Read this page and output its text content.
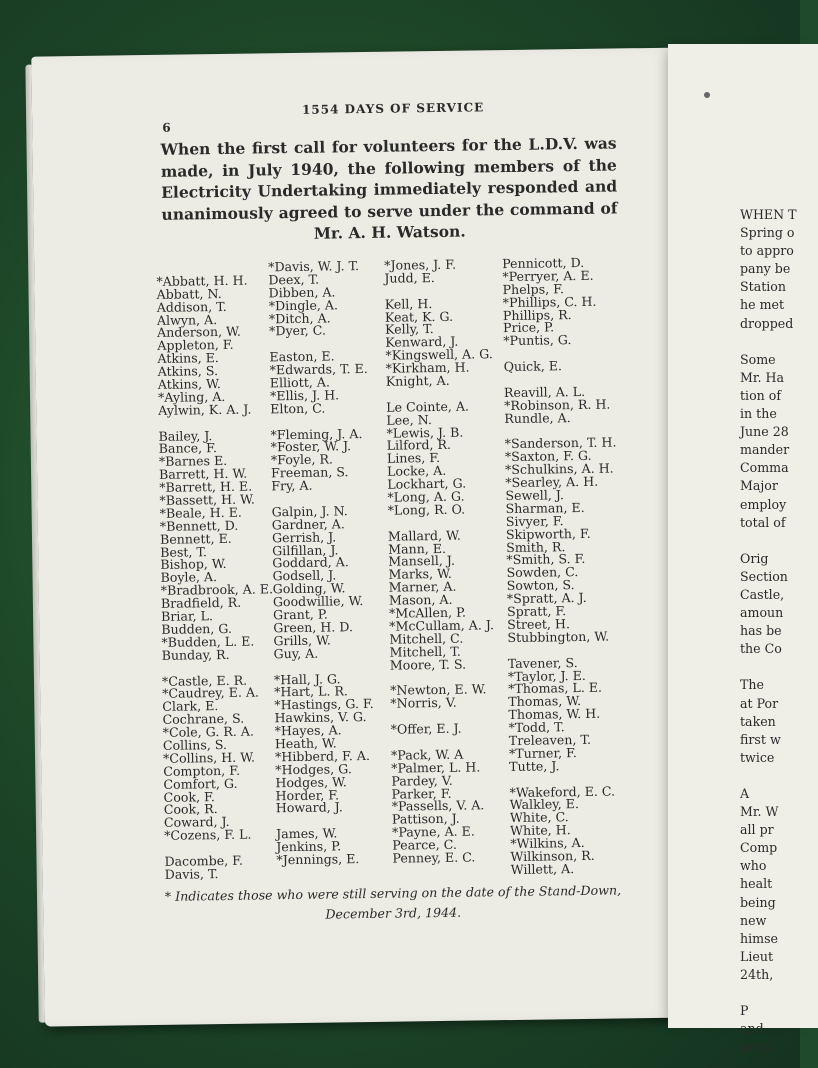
1554 DAYS OF SERVICE
6
When the first call for volunteers for the L.D.V. was made, in July 1940, the following members of the Electricity Undertaking immediately responded and unanimously agreed to serve under the command of Mr. A. H. Watson.
*Abbatt, H. H.
Abbatt, N.
Addison, T.
Alwyn, A.
Anderson, W.
Appleton, F.
Atkins, E.
Atkins, S.
Atkins, W.
*Ayling, A.
Aylwin, K. A. J.
Bailey, J.
Bance, F.
*Barnes E.
Barrett, H. W.
*Barrett, H. E.
*Bassett, H. W.
*Beale, H. E.
*Bennett, D.
Bennett, E.
Best, T.
Bishop, W.
Boyle, A.
*Bradbrook, A. E.
Bradfield, R.
Briar, L.
Budden, G.
*Budden, L. E.
Bunday, R.
*Castle, E. R.
*Caudrey, E. A.
Clark, E.
Cochrane, S.
*Cole, G. R. A.
Collins, S.
*Collins, H. W.
Compton, F.
Comfort, G.
Cook, F.
Cook, R.
Coward, J.
*Cozens, F. L.
Dacombe, F.
Davis, T.
*Davis, W. J. T.
Deex, T.
Dibben, A.
*Dingle, A.
*Ditch, A.
*Dyer, C.
Easton, E.
*Edwards, T. E.
Elliott, A.
*Ellis, J. H.
Elton, C.
*Fleming, J. A.
*Foster, W. J.
*Foyle, R.
Freeman, S.
Fry, A.
Galpin, J. N.
Gardner, A.
Gerrish, J.
Gilfillan, J.
Goddard, A.
Godsell, J.
Golding, W.
Goodwillie, W.
Grant, P.
Green, H. D.
Grills, W.
Guy, A.
*Hall, J. G.
*Hart, L. R.
*Hastings, G. F.
Hawkins, V. G.
*Hayes, A.
Heath, W.
*Hibberd, F. A.
*Hodges, G.
Hodges, W.
Horder, F.
Howard, J.
James, W.
Jenkins, P.
*Jennings, E.
*Jones, J. F.
Judd, E.
Kell, H.
Keat, K. G.
Kelly, T.
Kenward, J.
*Kingswell, A. G.
*Kirkham, H.
Knight, A.
Le Cointe, A.
Lee, N.
*Lewis, J. B.
Lilford, R.
Lines, F.
Locke, A.
Lockhart, G.
*Long, A. G.
*Long, R. O.
Mallard, W.
Mann, E.
Mansell, J.
Marks, W.
Marner, A.
Mason, A.
*McAllen, P.
*McCullam, A. J.
Mitchell, C.
Mitchell, T.
Moore, T. S.
*Newton, E. W.
*Norris, V.
*Offer, E. J.
*Pack, W. A
*Palmer, L. H.
Pardey, V.
Parker, F.
*Passells, V. A.
Pattison, J.
*Payne, A. E.
Pearce, C.
Penney, E. C.
Pennicott, D.
*Perryer, A. E.
Phelps, F.
*Phillips, C. H.
Phillips, R.
Price, P.
*Puntis, G.
Quick, E.
Reavill, A. L.
*Robinson, R. H.
Rundle, A.
*Sanderson, T. H.
*Saxton, F. G.
*Schulkins, A. H.
*Searley, A. H.
Sewell, J.
Sharman, E.
Sivyer, F.
Skipworth, F.
Smith, R.
*Smith, S. F.
Sowden, C.
Sowton, S.
*Spratt, A. J.
Spratt, F.
Street, H.
Stubbington, W.
Tavener, S.
*Taylor, J. E.
*Thomas, L. E.
Thomas, W.
Thomas, W. H.
*Todd, T.
Treleaven, T.
*Turner, F.
Tutte, J.
*Wakeford, E. C.
Walkley, E.
White, C.
White, H.
*Wilkins, A.
Wilkinson, R.
Willett, A.
* Indicates those who were still serving on the date of the Stand-Down,
December 3rd, 1944.
WHEN T
Spring o
to appro
pany be
Station
he met
dropped
Some
Mr. Ha
tion of
in the
June 28
mander
Comma
Major
employ
total of
Orig
Section
Castle,
amoun
has be
the Co
The
at Por
taken
first w
twice
A
Mr. W
all pr
Comp
who
healt
being
new
himse
Lieut
24th,
P
and
prom
